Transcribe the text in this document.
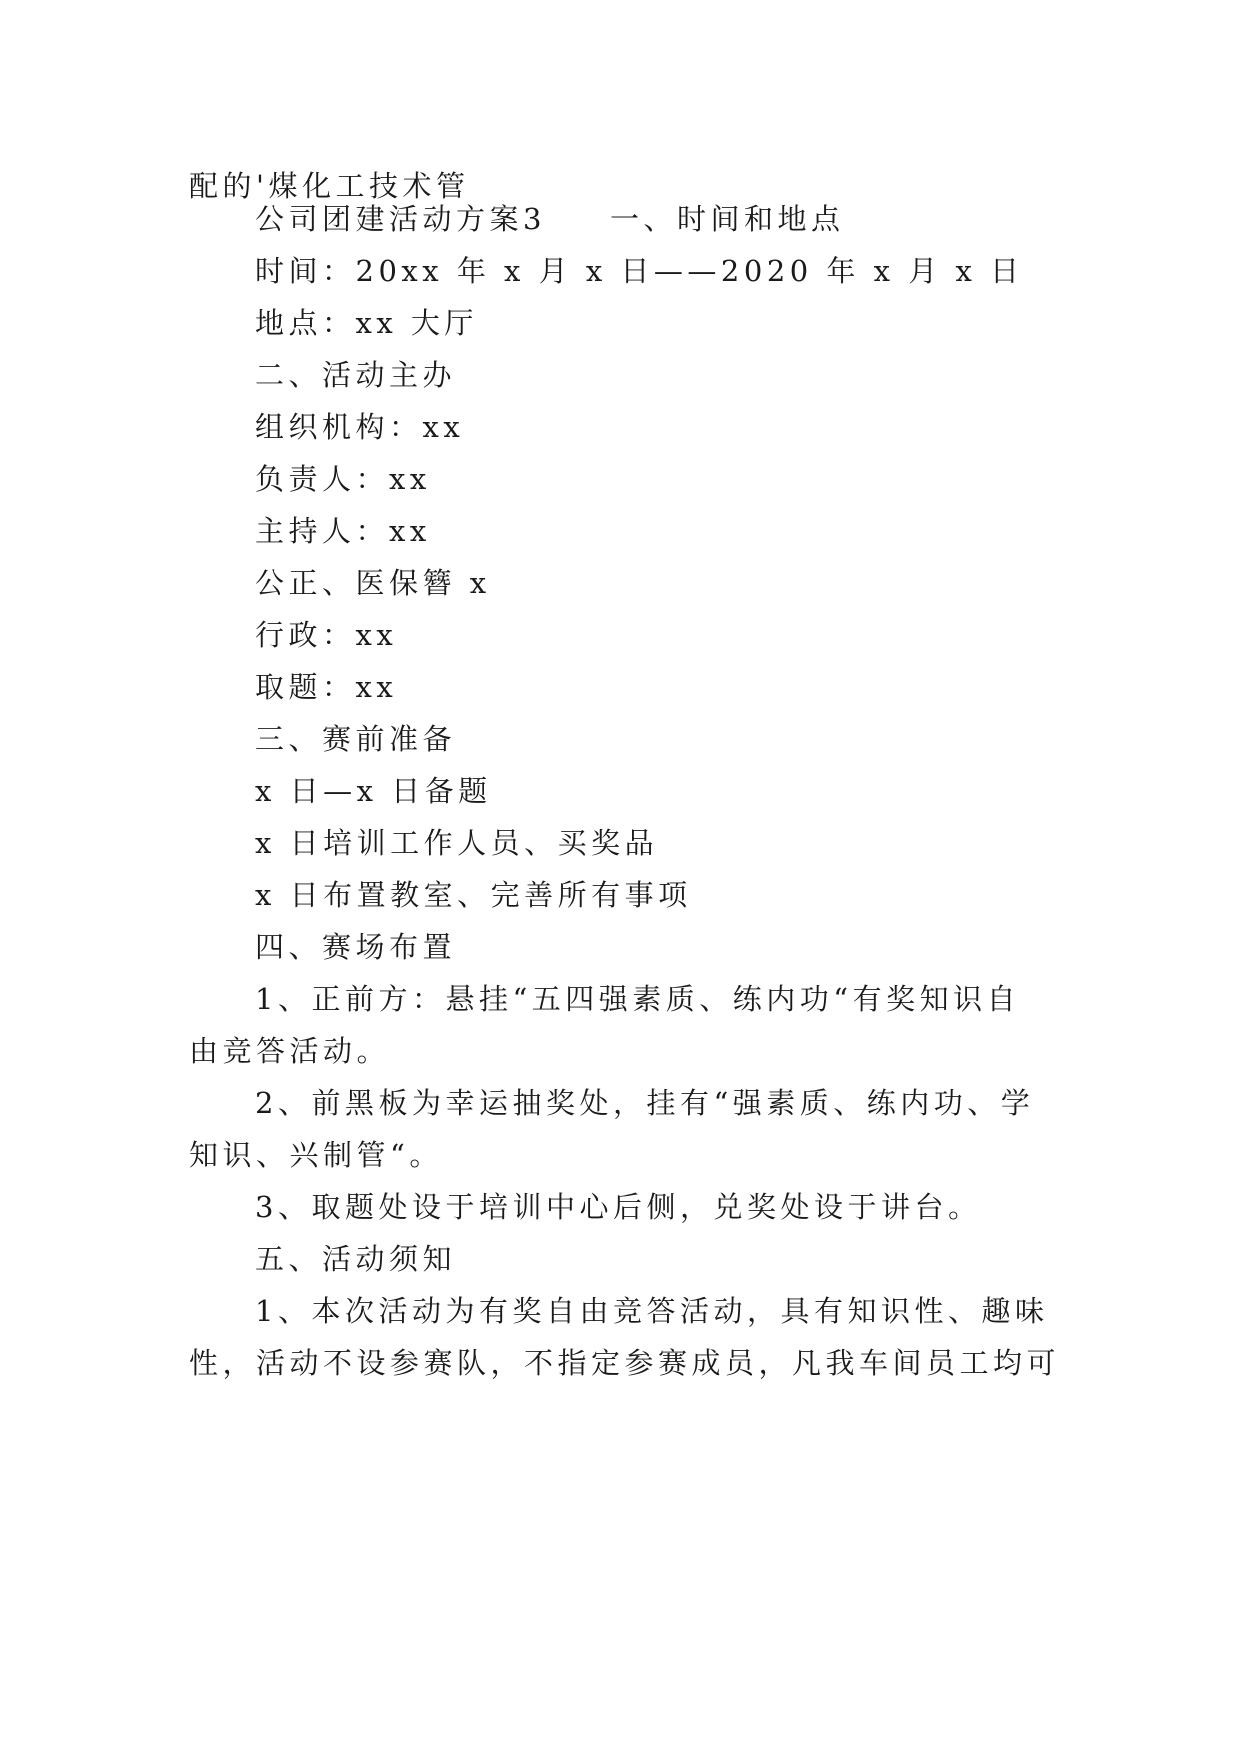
配的'煤化工技术管
公司团建活动方案3 一、时间和地点
时间：20xx 年 x 月 x 日——2020 年 x 月 x 日
地点：xx 大厅
二、活动主办
组织机构：xx
负责人：xx
主持人：xx
公正、医保簪 x
行政：xx
取题：xx
三、赛前准备
x 日—x 日备题
x 日培训工作人员、买奖品
x 日布置教室、完善所有事项
四、赛场布置
1、正前方：悬挂“五四强素质、练内功“有奖知识自
由竞答活动。
2、前黑板为幸运抽奖处，挂有“强素质、练内功、学
知识、兴制管“。
3、取题处设于培训中心后侧，兑奖处设于讲台。
五、活动须知
1、本次活动为有奖自由竞答活动，具有知识性、趣味
性，活动不设参赛队，不指定参赛成员，凡我车间员工均可
